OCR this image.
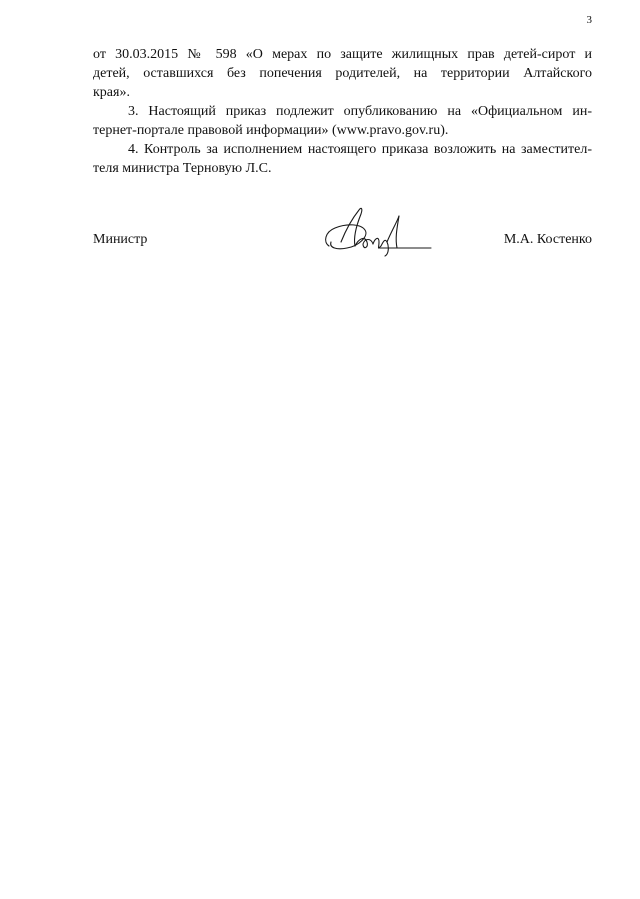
3

от 30.03.2015 № 598 «О мерах по защите жилищных прав детей-сирот и
детей, оставшихся без попечения родителей, на территории Алтайского
края».

3. Настоящий приказ подлежит опубликованию на «Официальном ин-
тернет-портале правовой информации» (www.pravo.gov.ru).

4. Контроль за исполнением настоящего приказа возложить на заместител-
теля министра Терновую Л.С.

Министр	М.А. Костенко
